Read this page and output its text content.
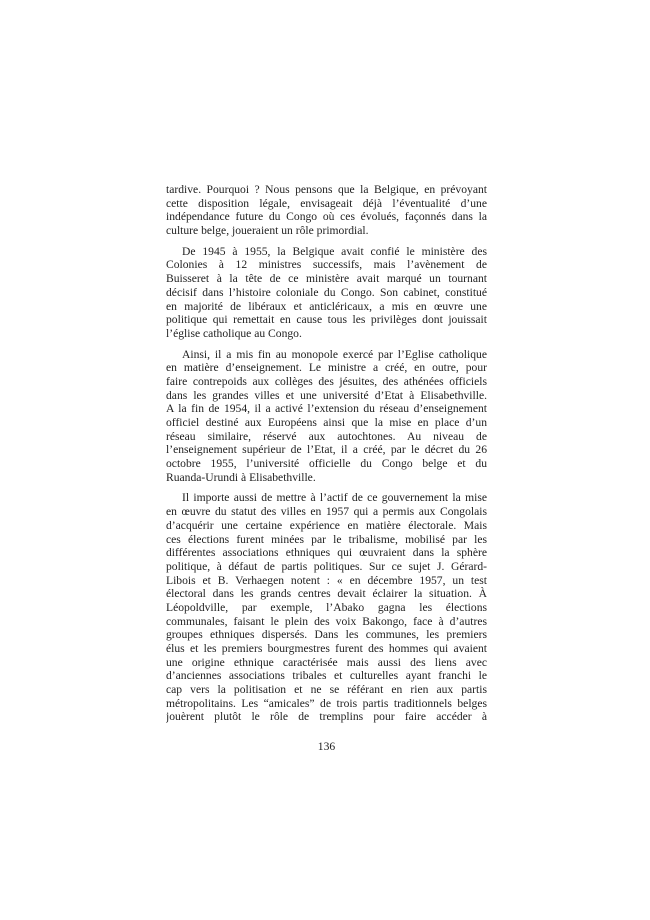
tardive. Pourquoi ? Nous pensons que la Belgique, en prévoyant
cette disposition légale, envisageait déjà l’éventualité d’une
indépendance future du Congo où ces évolués, façonnés dans la
culture belge, joueraient un rôle primordial.
De 1945 à 1955, la Belgique avait confié le ministère des
Colonies à 12 ministres successifs, mais l’avènement de
Buisseret à la tête de ce ministère avait marqué un tournant
décisif dans l’histoire coloniale du Congo. Son cabinet, constitué
en majorité de libéraux et anticléricaux, a mis en œuvre une
politique qui remettait en cause tous les privilèges dont jouissait
l’église catholique au Congo.
Ainsi, il a mis fin au monopole exercé par l’Eglise catholique
en matière d’enseignement. Le ministre a créé, en outre, pour
faire contrepoids aux collèges des jésuites, des athénées officiels
dans les grandes villes et une université d’Etat à Elisabethville.
A la fin de 1954, il a activé l’extension du réseau d’enseignement
officiel destiné aux Européens ainsi que la mise en place d’un
réseau similaire, réservé aux autochtones. Au niveau de
l’enseignement supérieur de l’Etat, il a créé, par le décret du 26
octobre 1955, l’université officielle du Congo belge et du
Ruanda-Urundi à Elisabethville.
Il importe aussi de mettre à l’actif de ce gouvernement la mise
en œuvre du statut des villes en 1957 qui a permis aux Congolais
d’acquérir une certaine expérience en matière électorale. Mais
ces élections furent minées par le tribalisme, mobilisé par les
différentes associations ethniques qui œuvraient dans la sphère
politique, à défaut de partis politiques. Sur ce sujet J. Gérard-
Libois et B. Verhaegen notent : « en décembre 1957, un test
électoral dans les grands centres devait éclairer la situation. À
Léopoldville, par exemple, l’Abako gagna les élections
communales, faisant le plein des voix Bakongo, face à d’autres
groupes ethniques dispersés. Dans les communes, les premiers
élus et les premiers bourgmestres furent des hommes qui avaient
une origine ethnique caractérisée mais aussi des liens avec
d’anciennes associations tribales et culturelles ayant franchi le
cap vers la politisation et ne se référant en rien aux partis
métropolitains. Les “amicales” de trois partis traditionnels belges
jouèrent plutôt le rôle de tremplins pour faire accéder à
136
